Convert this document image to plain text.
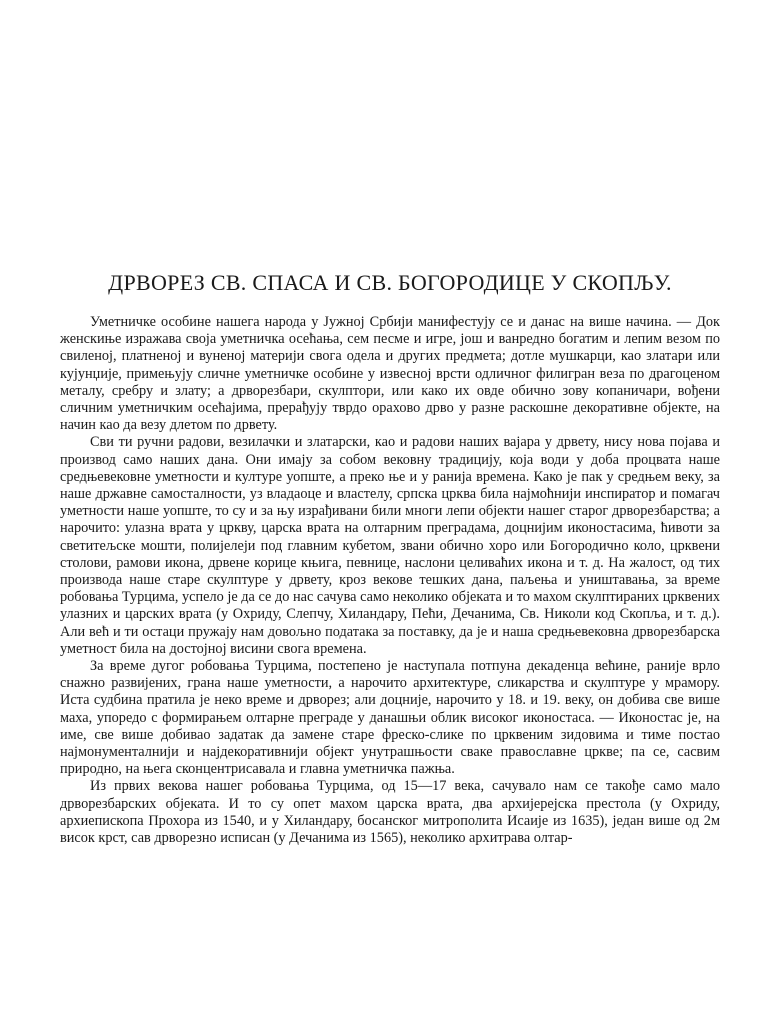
ДРВОРЕЗ СВ. СПАСА И СВ. БОГОРОДИЦЕ У СКОПЉУ.

Уметничке особине нашега народа у Јужној Србији манифестују се и данас на више начина. — Док женскиње изражава своја уметничка осећања, сем песме и игре, још и ванредно богатим и лепим везом по свиленој, платненој и вуненој материји свога одела и других предмета; дотле мушкарци, као златари или кујунџије, примењују сличне уметничке особине у извесној врсти одличног филигран веза по драгоценом металу, сребру и злату; а дрворезбари, скулптори, или како их овде обично зову копаничари, вођени сличним уметничким осећајима, прерађују тврдо орахово дрво у разне раскошне декоративне објекте, на начин као да везу длетом по дрвету.

Сви ти ручни радови, везилачки и златарски, као и радови наших вајара у дрвету, нису нова појава и производ само наших дана. Они имају за собом вековну традицију, која води у доба процвата наше средњевековне уметности и културе уопште, а преко ње и у ранија времена. Како је пак у средњем веку, за наше државне самосталности, уз владаоце и властелу, српска црква била најмоћнији инспиратор и помагач уметности наше уопште, то су и за њу израђивани били многи лепи објекти нашег старог дрворезбарства; а нарочито: улазна врата у цркву, царска врата на олтарним преградама, доцнијим иконостасима, ћивоти за светитељске мошти, полијелеји под главним кубетом, звани обично хоро или Богородично коло, црквени столови, рамови икона, дрвене корице књига, певнице, наслони целиваћих икона и т. д. На жалост, од тих производа наше старе скулптуре у дрвету, кроз векове тешких дана, паљења и уништавања, за време робовања Турцима, успело је да се до нас сачува само неколико објеката и то махом скулптираних црквених улазних и царских врата (у Охриду, Слепчу, Хиландару, Пећи, Дечанима, Св. Николи код Скопља, и т. д.). Али већ и ти остаци пружају нам довољно података за поставку, да је и наша средњевековна дрворезбарска уметност била на достојној висини свога времена.

За време дугог робовања Турцима, постепено је наступала потпуна декаденца већине, раније врло снажно развијених, грана наше уметности, а нарочито архитектуре, сликарства и скулптуре у мрамору. Иста судбина пратила је неко време и дрворез; али доцније, нарочито у 18. и 19. веку, он добива све више маха, упоредо с формирањем олтарне преграде у данашњи облик високог иконостаса. — Иконостас је, на име, све више добивао задатак да замене старе фреско-слике по црквеним зидовима и тиме постао најмонументалнији и најдекоративнији објект унутрашњости сваке православне цркве; па се, сасвим природно, на њега сконцентрисавала и главна уметничка пажња.

Из првих векова нашег робовања Турцима, од 15—17 века, сачувало нам се такође само мало дрворезбарских објеката. И то су опет махом царска врата, два архијерејска престола (у Охриду, архиепископа Прохора из 1540, и у Хиландару, босанског митрополита Исаије из 1635), један више од 2м висок крст, сав дрворезно исписан (у Дечанима из 1565), неколико архитрава олтар-
